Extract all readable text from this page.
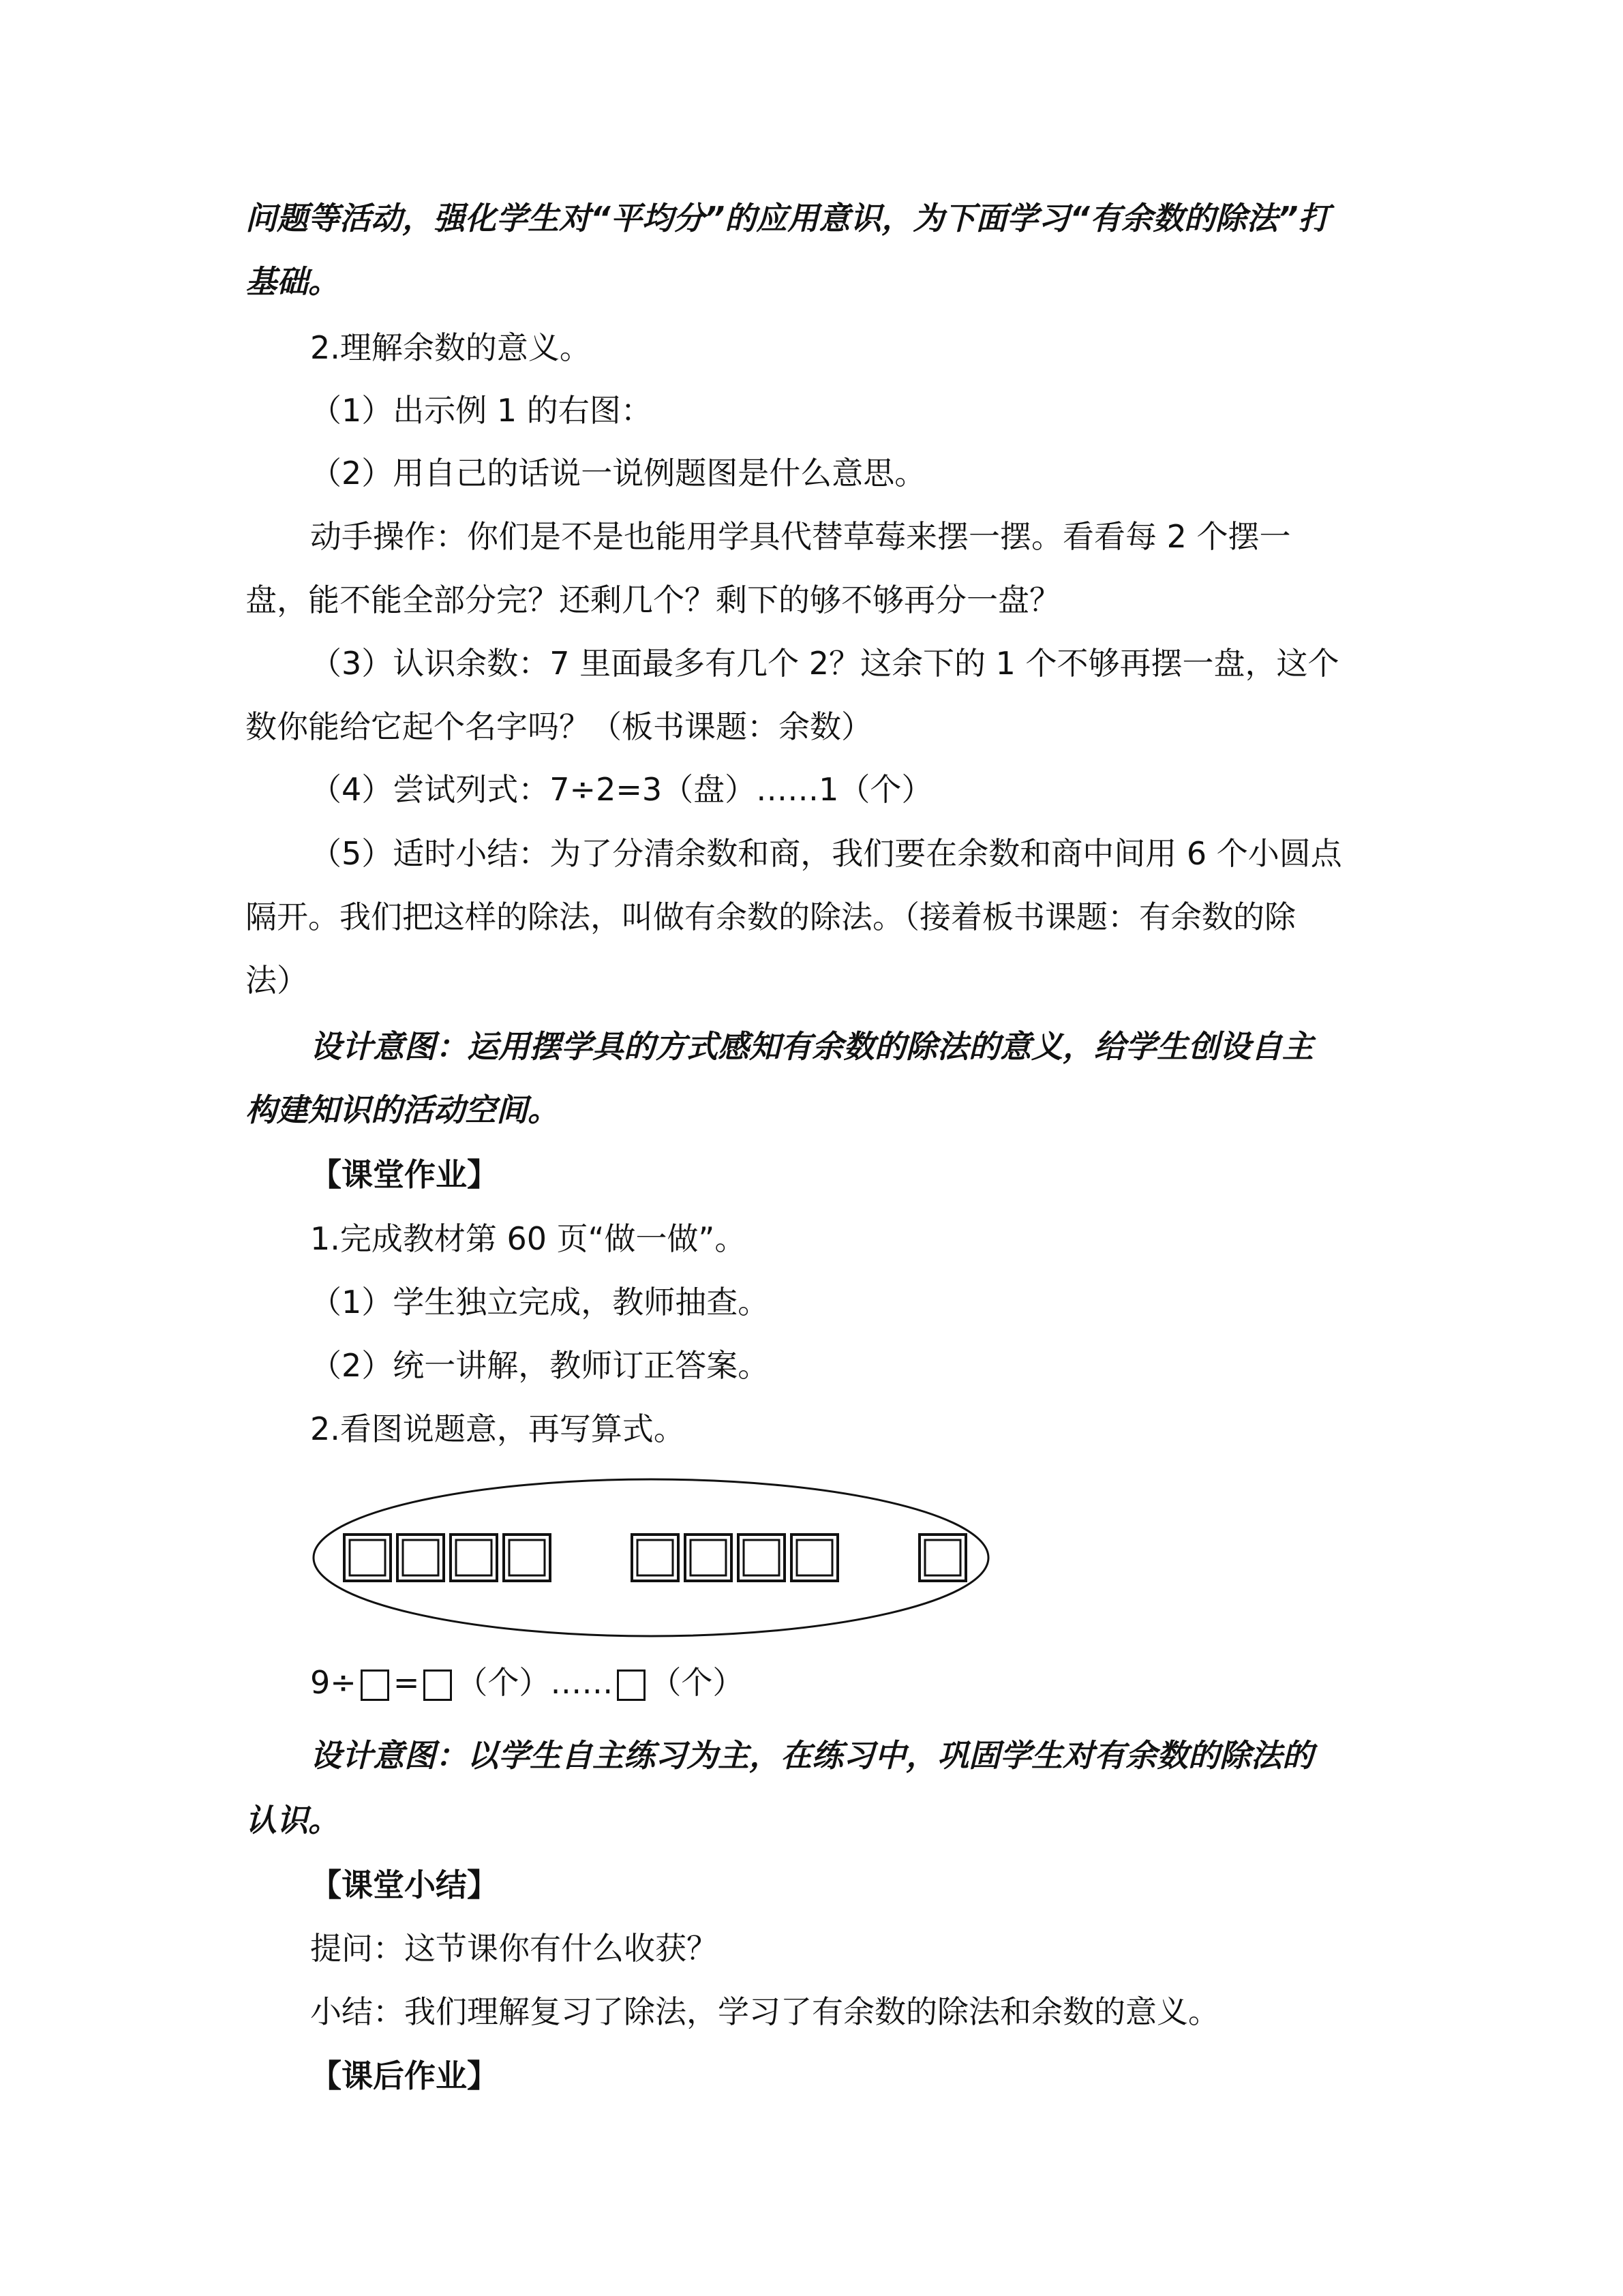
问题等活动，强化学生对“平均分”的应用意识，为下面学习“有余数的除法”打
基础。
2.理解余数的意义。
（1）出示例 1 的右图：
（2）用自己的话说一说例题图是什么意思。
动手操作：你们是不是也能用学具代替草莓来摆一摆。看看每 2 个摆一
盘，能不能全部分完？还剩几个？剩下的够不够再分一盘？
（3）认识余数：7 里面最多有几个 2？这余下的 1 个不够再摆一盘，这个
数你能给它起个名字吗？（板书课题：余数）
（4）尝试列式：7÷2=3（盘）……1（个）
（5）适时小结：为了分清余数和商，我们要在余数和商中间用 6 个小圆点
隔开。我们把这样的除法，叫做有余数的除法。（接着板书课题：有余数的除
法）
设计意图：运用摆学具的方式感知有余数的除法的意义，给学生创设自主
构建知识的活动空间。
【课堂作业】
1.完成教材第 60 页“做一做”。
（1）学生独立完成，教师抽查。
（2）统一讲解，教师订正答案。
2.看图说题意，再写算式。
9÷ = （个）…… （个）
设计意图：以学生自主练习为主，在练习中，巩固学生对有余数的除法的
认识。
【课堂小结】
提问：这节课你有什么收获？
小结：我们理解复习了除法，学习了有余数的除法和余数的意义。
【课后作业】
